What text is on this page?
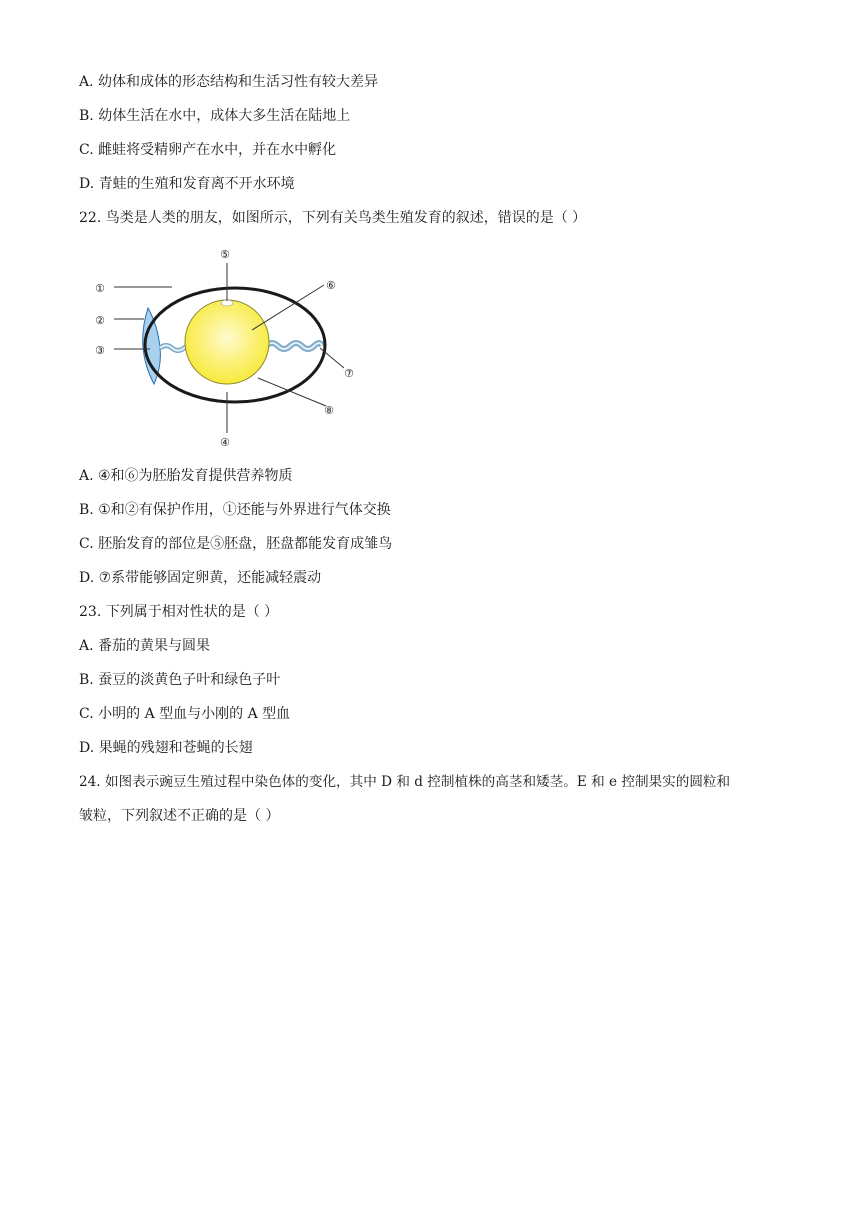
A. 幼体和成体的形态结构和生活习性有较大差异
B. 幼体生活在水中，成体大多生活在陆地上
C. 雌蛙将受精卵产在水中，并在水中孵化
D. 青蛙的生殖和发育离不开水环境
22. 鸟类是人类的朋友，如图所示，下列有关鸟类生殖发育的叙述，错误的是（ ）
①
②
③
④
⑤
⑥
⑦
⑧
A. ④和⑥为胚胎发育提供营养物质
B. ①和②有保护作用，①还能与外界进行气体交换
C. 胚胎发育的部位是⑤胚盘，胚盘都能发育成雏鸟
D. ⑦系带能够固定卵黄，还能减轻震动
23. 下列属于相对性状的是（ ）
A. 番茄的黄果与圆果
B. 蚕豆的淡黄色子叶和绿色子叶
C. 小明的 A 型血与小刚的 A 型血
D. 果蝇的残翅和苍蝇的长翅
24. 如图表示豌豆生殖过程中染色体的变化，其中 D 和 d 控制植株的高茎和矮茎。E 和 e 控制果实的圆粒和
皱粒，下列叙述不正确的是（ ）
